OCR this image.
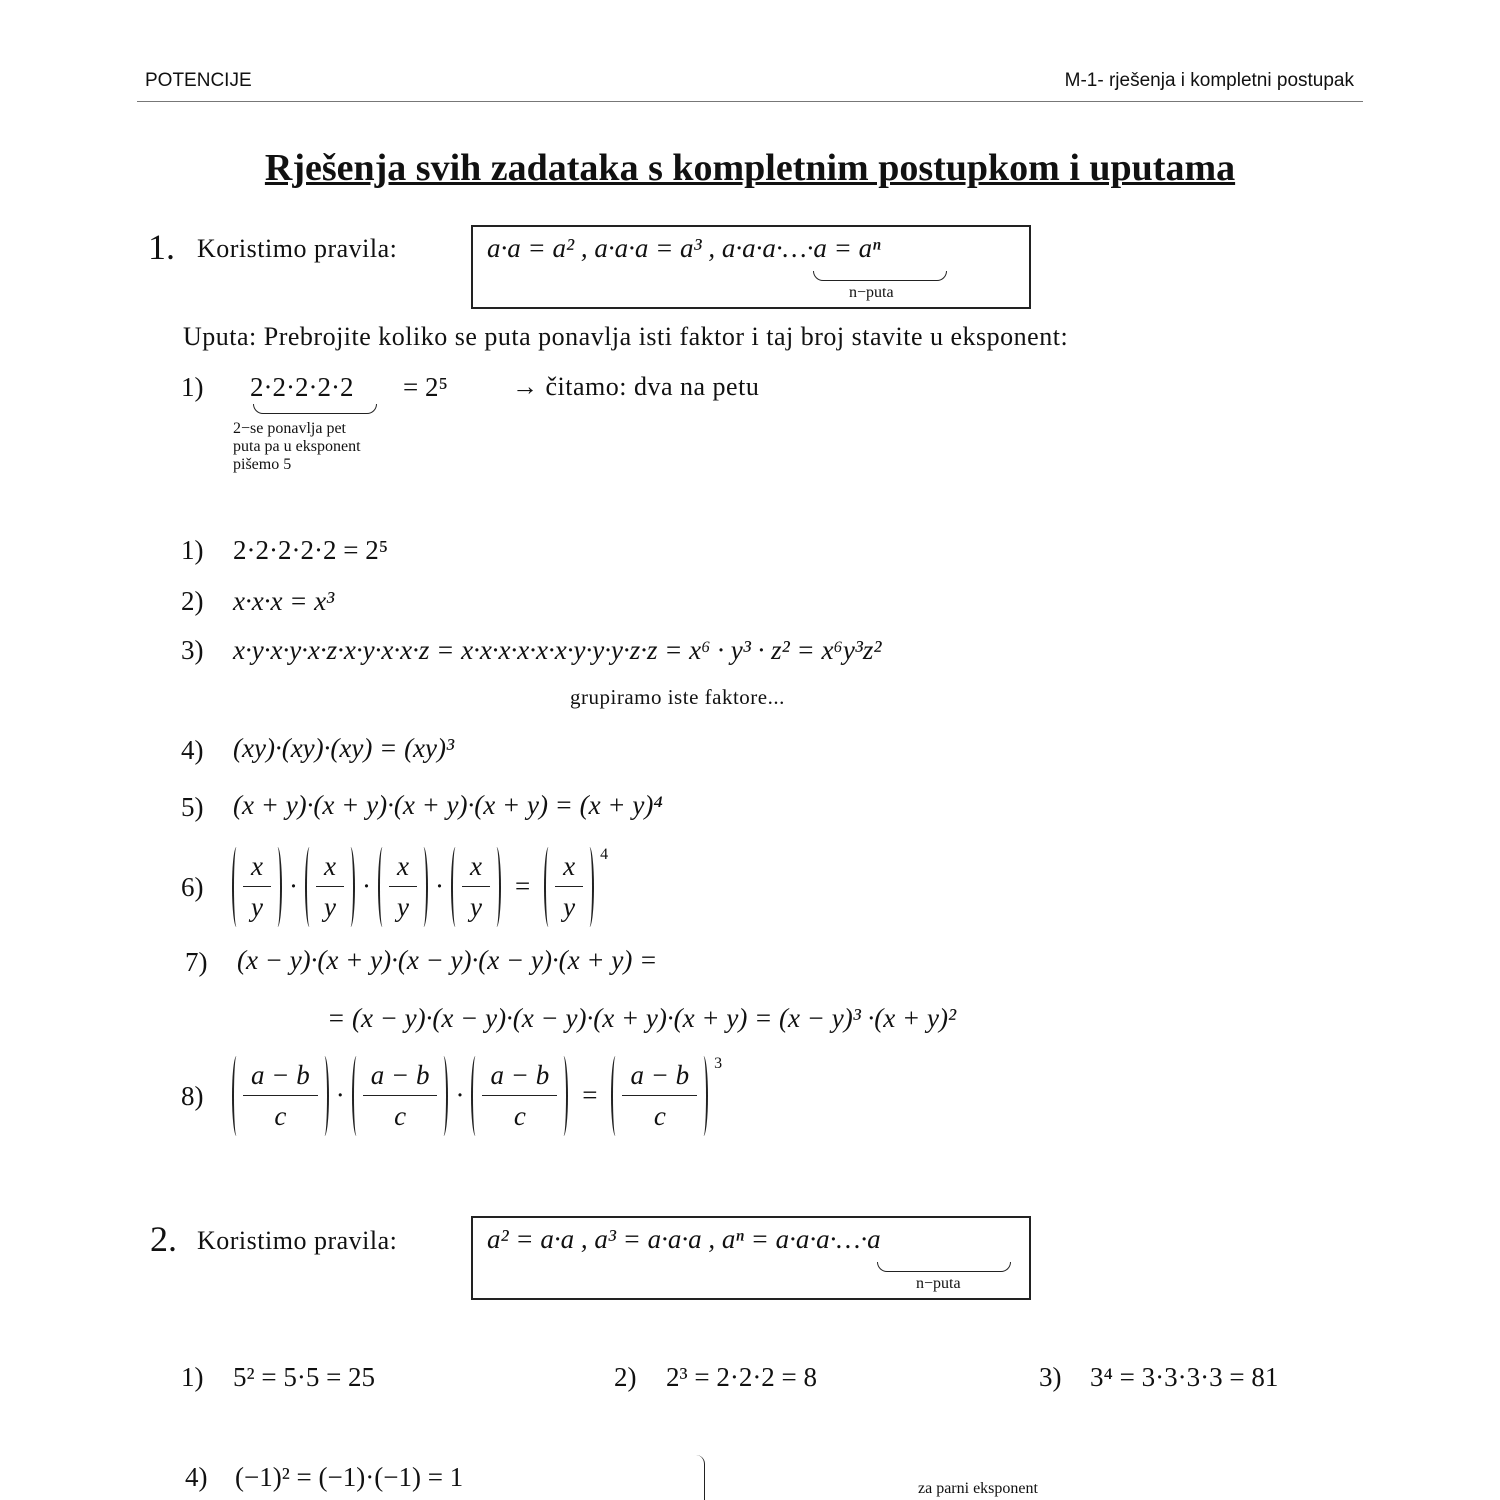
POTENCIJE	M-1- rješenja i kompletni postupak
Rješenja svih zadataka s kompletnim postupkom i uputama
1. Koristimo pravila:	a·a = a² , a·a·a = a³ , a·a·a·…·a = aⁿ
n−puta
Uputa: Prebrojite koliko se puta ponavlja isti faktor i taj broj stavite u eksponent:
1) 2·2·2·2·2 = 2⁵ → čitamo: dva na petu
2−se ponavlja pet
puta pa u eksponent
pišemo 5
1) 2·2·2·2·2 = 2⁵
2) x·x·x = x³
3) x·y·x·y·x·z·x·y·x·x·z = x·x·x·x·x·x·y·y·y·z·z = x⁶ · y³ · z² = x⁶y³z²
grupiramo iste faktore...
4) (xy)·(xy)·(xy) = (xy)³
5) (x + y)·(x + y)·(x + y)·(x + y) = (x + y)⁴
$6) \frac{x}{y} \cdot \frac{x}{y} \cdot \frac{x}{y} \cdot \frac{x}{y} = \frac{x}{y} 4$
7) (x − y)·(x + y)·(x − y)·(x − y)·(x + y) =
= (x − y)·(x − y)·(x − y)·(x + y)·(x + y) = (x − y)³ ·(x + y)²
$8) \frac{a - b}{c} \cdot \frac{a - b}{c} \cdot \frac{a - b}{c} = \frac{a - b}{c} 3$
2. Koristimo pravila:	a² = a·a , a³ = a·a·a , aⁿ = a·a·a·…·a
n−puta
1) 5² = 5·5 = 25	2) 2³ = 2·2·2 = 8	3) 3⁴ = 3·3·3·3 = 81
4) (−1)² = (−1)·(−1) = 1	za parni eksponent
